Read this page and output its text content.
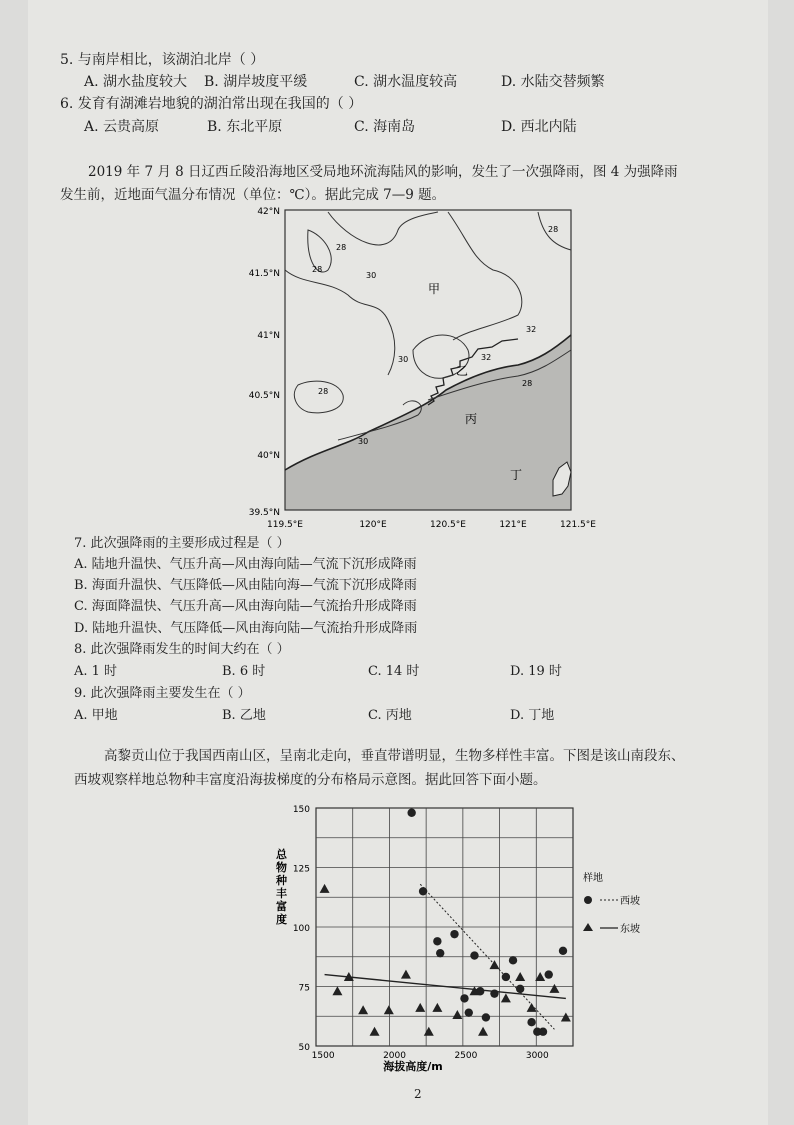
5. 与南岸相比，该湖泊北岸（ ）
A. 湖水盐度较大 B. 湖岸坡度平缓	C. 湖水温度较高	D. 水陆交替频繁
6. 发育有湖滩岩地貌的湖泊常出现在我国的（ ）
A. 云贵高原	B. 东北平原	C. 海南岛	D. 西北内陆
2019 年 7 月 8 日辽西丘陵沿海地区受局地环流海陆风的影响，发生了一次强降雨，图 4 为强降雨
发生前，近地面气温分布情况（单位：℃）。据此完成 7—9 题。
42°N
41.5°N
41°N
40.5°N
40°N
39.5°N
119.5°E	120°E	120.5°E	121°E	121.5°E
甲
乙
丙
丁
28
28
30
28
30	32
32
28
28
30
7. 此次强降雨的主要形成过程是（ ）
A. 陆地升温快、气压升高—风由海向陆—气流下沉形成降雨
B. 海面升温快、气压降低—风由陆向海—气流下沉形成降雨
C. 海面降温快、气压升高—风由海向陆—气流抬升形成降雨
D. 陆地升温快、气压降低—风由海向陆—气流抬升形成降雨
8. 此次强降雨发生的时间大约在（ ）
A. 1 时	B. 6 时	C. 14 时	D. 19 时
9. 此次强降雨主要发生在（ ）
A. 甲地	B. 乙地	C. 丙地	D. 丁地
高黎贡山位于我国西南山区，呈南北走向，垂直带谱明显，生物多样性丰富。下图是该山南段东、
西坡观察样地总物种丰富度沿海拔梯度的分布格局示意图。据此回答下面小题。
50
75
100
125
150
1500	2000	2500	3000
总物种丰富度
海拔高度/m
样地
西坡
东坡
2
